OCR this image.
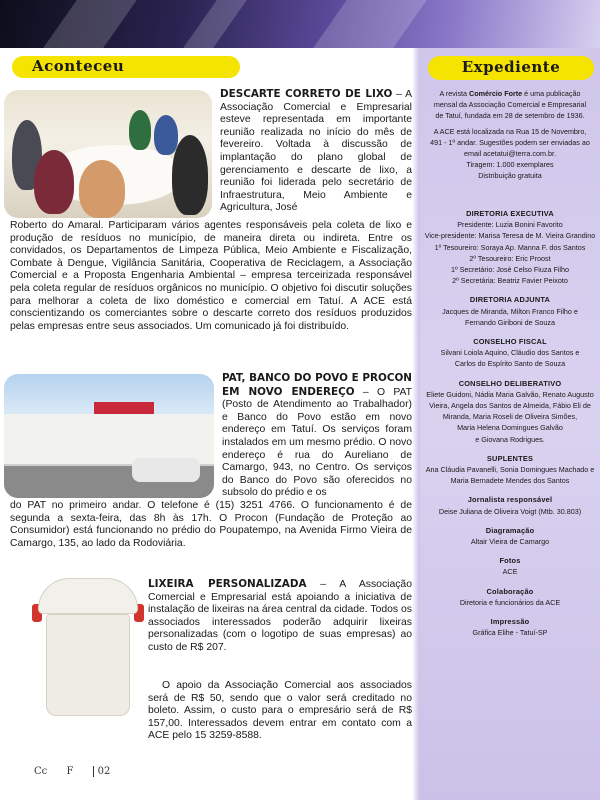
Aconteceu
DESCARTE CORRETO DE LIXO – A Associação Comercial e Empresarial esteve representada em importante reunião realizada no início do mês de fevereiro. Voltada à discussão de implantação do plano global de gerenciamento e descarte de lixo, a reunião foi liderada pelo secretário de Infraestrutura, Meio Ambiente e Agricultura, José
Roberto do Amaral. Participaram vários agentes responsáveis pela coleta de lixo e produção de resíduos no município, de maneira direta ou indireta. Entre os convidados, os Departamentos de Limpeza Pública, Meio Ambiente e Fiscalização, Combate à Dengue, Vigilância Sanitária, Cooperativa de Reciclagem, a Associação Comercial e a Proposta Engenharia Ambiental – empresa terceirizada responsável pela coleta regular de resíduos orgânicos no município. O objetivo foi discutir soluções para melhorar a coleta de lixo doméstico e comercial em Tatuí. A ACE está conscientizando os comerciantes sobre o descarte correto dos resíduos produzidos pelas empresas entre seus associados. Um comunicado já foi distribuído.
PAT, BANCO DO POVO E PROCON EM NOVO ENDEREÇO – O PAT (Posto de Atendimento ao Trabalhador) e Banco do Povo estão em novo endereço em Tatuí. Os serviços foram instalados em um mesmo prédio. O novo endereço é rua do Aureliano de Camargo, 943, no Centro. Os serviços do Banco do Povo são oferecidos no subsolo do prédio e os
do PAT no primeiro andar. O telefone é (15) 3251 4766. O funcionamento é de segunda a sexta-feira, das 8h às 17h. O Procon (Fundação de Proteção ao Consumidor) está funcionando no prédio do Poupatempo, na Avenida Firmo Vieira de Camargo, 135, ao lado da Rodoviária.
LIXEIRA PERSONALIZADA – A Associação Comercial e Empresarial está apoiando a iniciativa de instalação de lixeiras na área central da cidade. Todos os associados interessados poderão adquirir lixeiras personalizadas (com o logotipo de suas empresas) ao custo de R$ 207.
O apoio da Associação Comercial aos associados será de R$ 50, sendo que o valor será creditado no boleto. Assim, o custo para o empresário será de R$ 157,00. Interessados devem entrar em contato com a ACE pelo 15 3259-8588.
Cc F 02
Expediente
A revista Comércio Forte é uma publicação mensal da Associação Comercial e Empresarial de Tatuí, fundada em 28 de setembro de 1936.
A ACE está localizada na Rua 15 de Novembro, 491 - 1º andar. Sugestões podem ser enviadas ao email acetatui@terra.com.br.
Tiragem: 1.000 exemplares
Distribuição gratuita
DIRETORIA EXECUTIVA
Presidente: Luzia Bonini Favorito
Vice-presidente: Marisa Teresa de M. Vieira Grandino
1º Tesoureiro: Soraya Ap. Manna F. dos Santos
2º Tesoureiro: Eric Proost
1º Secretário: José Celso Fiuza Filho
2º Secretária: Beatriz Favier Peixoto
DIRETORIA ADJUNTA
Jacques de Miranda, Milton Franco Filho e
Fernando Giriboni de Souza
CONSELHO FISCAL
Silvani Loiola Aquino, Cláudio dos Santos e
Carlos do Espírito Santo de Souza
CONSELHO DELIBERATIVO
Eliete Guidoni, Nádia Maria Galvão, Renato Augusto
Vieira, Angela dos Santos de Almeida, Fábio Eli de
Miranda, Maria Roseli de Oliveira Simões,
Maria Helena Domingues Galvão
e Giovana Rodrigues.
SUPLENTES
Ana Cláudia Pavanelli, Sonia Domingues Machado e
Maria Bernadete Mendes dos Santos
Jornalista responsável
Deise Juliana de Oliveira Voigt (Mtb. 30.803)
Diagramação
Altair Vieira de Camargo
Fotos
ACE
Colaboração
Diretoria e funcionários da ACE
Impressão
Gráfica Elihe - Tatuí-SP
